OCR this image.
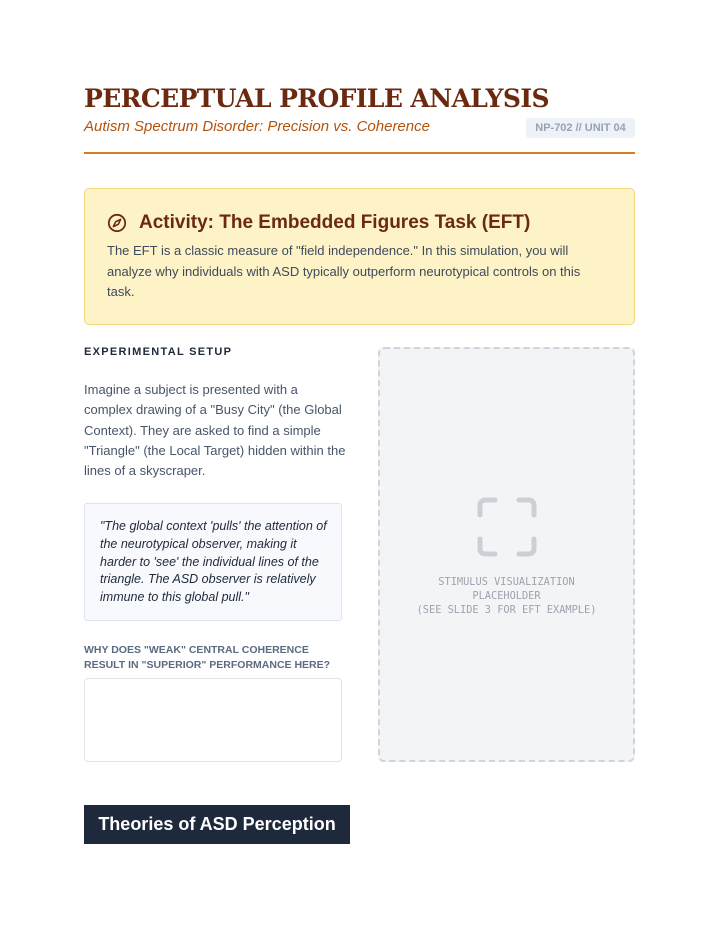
PERCEPTUAL PROFILE ANALYSIS
Autism Spectrum Disorder: Precision vs. Coherence	NP-702 // UNIT 04
Activity: The Embedded Figures Task (EFT)

The EFT is a classic measure of "field independence." In this simulation, you will analyze why individuals with ASD typically outperform neurotypical controls on this task.

EXPERIMENTAL SETUP

Imagine a subject is presented with a complex drawing of a "Busy City" (the Global Context). They are asked to find a simple "Triangle" (the Local Target) hidden within the lines of a skyscraper.

"The global context 'pulls' the attention of the neurotypical observer, making it harder to 'see' the individual lines of the triangle. The ASD observer is relatively immune to this global pull."

WHY DOES "WEAK" CENTRAL COHERENCE RESULT IN "SUPERIOR" PERFORMANCE HERE?

STIMULUS VISUALIZATION
PLACEHOLDER
(SEE SLIDE 3 FOR EFT EXAMPLE)
Theories of ASD Perception
